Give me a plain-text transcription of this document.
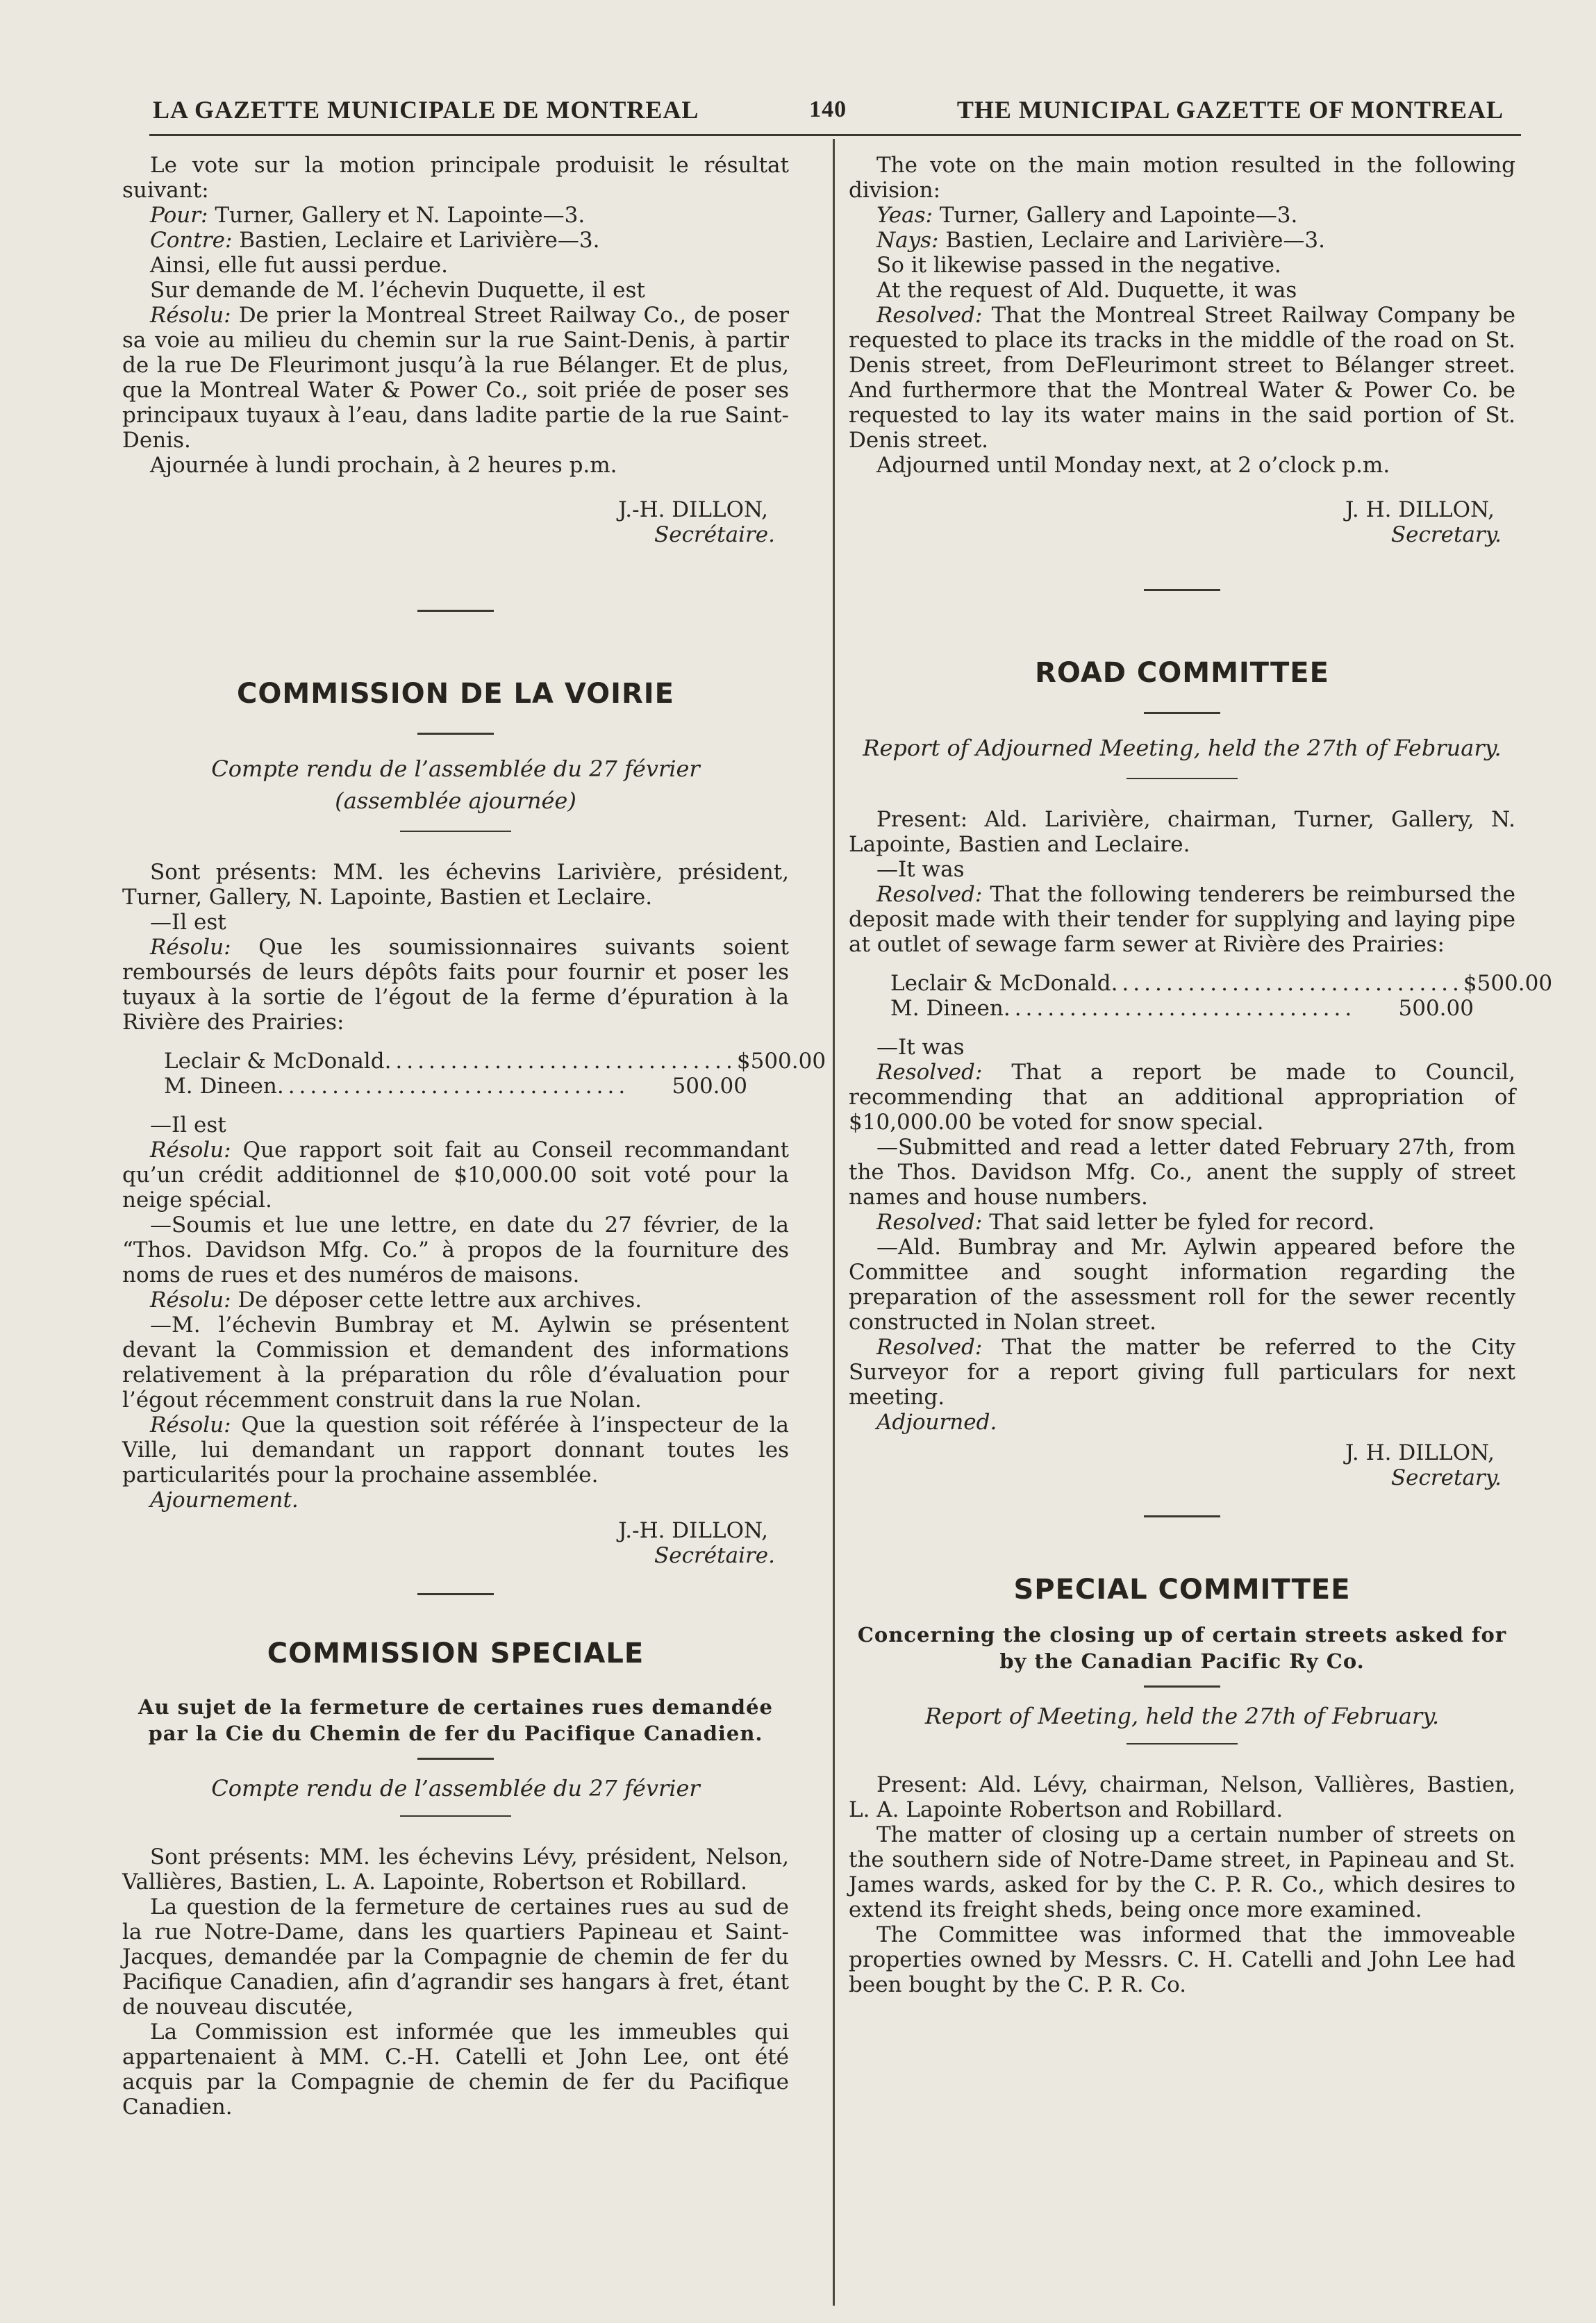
LA GAZETTE MUNICIPALE DE MONTREAL	140	THE MUNICIPAL GAZETTE OF MONTREAL

Le vote sur la motion principale produisit le résultat suivant:

Pour: Turner, Gallery et N. Lapointe—3.

Contre: Bastien, Leclaire et Larivière—3.

Ainsi, elle fut aussi perdue.

Sur demande de M. l’échevin Duquette, il est

Résolu: De prier la Montreal Street Railway Co., de poser sa voie au milieu du chemin sur la rue Saint-Denis, à partir de la rue De Fleurimont jusqu’à la rue Bélanger. Et de plus, que la Montreal Water & Power Co., soit priée de poser ses principaux tuyaux à l’eau, dans ladite partie de la rue Saint-Denis.

Ajournée à lundi prochain, à 2 heures p.m.

J.-H. DILLON,

Secrétaire.

COMMISSION DE LA VOIRIE
Compte rendu de l’assemblée du 27 février
(assemblée ajournée)

Sont présents: MM. les échevins Larivière, président, Turner, Gallery, N. Lapointe, Bastien et Leclaire.

—Il est

Résolu: Que les soumissionnaires suivants soient remboursés de leurs dépôts faits pour fournir et poser les tuyaux à la sortie de l’égout de la ferme d’épuration à la Rivière des Prairies:

Leclair & McDonald ................................ $500.00
M. Dineen ................................	500.00

—Il est

Résolu: Que rapport soit fait au Conseil recommandant qu’un crédit additionnel de $10,000.00 soit voté pour la neige spécial.

—Soumis et lue une lettre, en date du 27 février, de la “Thos. Davidson Mfg. Co.” à propos de la fourniture des noms de rues et des numéros de maisons.

Résolu: De déposer cette lettre aux archives.

—M. l’échevin Bumbray et M. Aylwin se présentent devant la Commission et demandent des informations relativement à la préparation du rôle d’évaluation pour l’égout récemment construit dans la rue Nolan.

Résolu: Que la question soit référée à l’inspecteur de la Ville, lui demandant un rapport donnant toutes les particularités pour la prochaine assemblée.

Ajournement.

J.-H. DILLON,

Secrétaire.

COMMISSION SPECIALE
Au sujet de la fermeture de certaines rues demandée par la Cie du Chemin de fer du Pacifique Canadien.
Compte rendu de l’assemblée du 27 février

Sont présents: MM. les échevins Lévy, président, Nelson, Vallières, Bastien, L. A. Lapointe, Robertson et Robillard.

La question de la fermeture de certaines rues au sud de la rue Notre-Dame, dans les quartiers Papineau et Saint-Jacques, demandée par la Compagnie de chemin de fer du Pacifique Canadien, afin d’agrandir ses hangars à fret, étant de nouveau discutée,

La Commission est informée que les immeubles qui appartenaient à MM. C.-H. Catelli et John Lee, ont été acquis par la Compagnie de chemin de fer du Pacifique Canadien.

The vote on the main motion resulted in the following division:

Yeas: Turner, Gallery and Lapointe—3.

Nays: Bastien, Leclaire and Larivière—3.

So it likewise passed in the negative.

At the request of Ald. Duquette, it was

Resolved: That the Montreal Street Railway Company be requested to place its tracks in the middle of the road on St. Denis street, from DeFleurimont street to Bélanger street. And furthermore that the Montreal Water & Power Co. be requested to lay its water mains in the said portion of St. Denis street.

Adjourned until Monday next, at 2 o’clock p.m.

J. H. DILLON,

Secretary.

ROAD COMMITTEE
Report of Adjourned Meeting, held the 27th of February.

Present: Ald. Larivière, chairman, Turner, Gallery, N. Lapointe, Bastien and Leclaire.

—It was

Resolved: That the following tenderers be reimbursed the deposit made with their tender for supplying and laying pipe at outlet of sewage farm sewer at Rivière des Prairies:

Leclair & McDonald ................................ $500.00
M. Dineen ................................	500.00

—It was

Resolved: That a report be made to Council, recommending that an additional appropriation of $10,000.00 be voted for snow special.

—Submitted and read a letter dated February 27th, from the Thos. Davidson Mfg. Co., anent the supply of street names and house numbers.

Resolved: That said letter be fyled for record.

—Ald. Bumbray and Mr. Aylwin appeared before the Committee and sought information regarding the preparation of the assessment roll for the sewer recently constructed in Nolan street.

Resolved: That the matter be referred to the City Surveyor for a report giving full particulars for next meeting.

Adjourned.

J. H. DILLON,

Secretary.

SPECIAL COMMITTEE
Concerning the closing up of certain streets asked for by the Canadian Pacific Ry Co.
Report of Meeting, held the 27th of February.

Present: Ald. Lévy, chairman, Nelson, Vallières, Bastien, L. A. Lapointe Robertson and Robillard.

The matter of closing up a certain number of streets on the southern side of Notre-Dame street, in Papineau and St. James wards, asked for by the C. P. R. Co., which desires to extend its freight sheds, being once more examined.

The Committee was informed that the immoveable properties owned by Messrs. C. H. Catelli and John Lee had been bought by the C. P. R. Co.
